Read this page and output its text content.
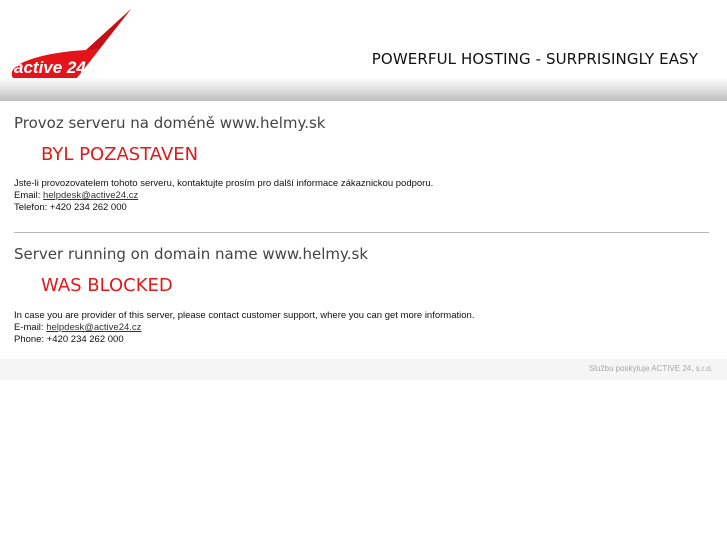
active 24	POWERFUL HOSTING - SURPRISINGLY EASY

Provoz serveru na doméně www.helmy.sk

BYL POZASTAVEN

Jste-li provozovatelem tohoto serveru, kontaktujte prosím pro další informace zákaznickou podporu.
Email: helpdesk@active24.cz
Telefon: +420 234 262 000

Server running on domain name www.helmy.sk

WAS BLOCKED

In case you are provider of this server, please contact customer support, where you can get more information.
E-mail: helpdesk@active24.cz
Phone: +420 234 262 000
Službu poskytuje ACTIVE 24, s.r.o.
